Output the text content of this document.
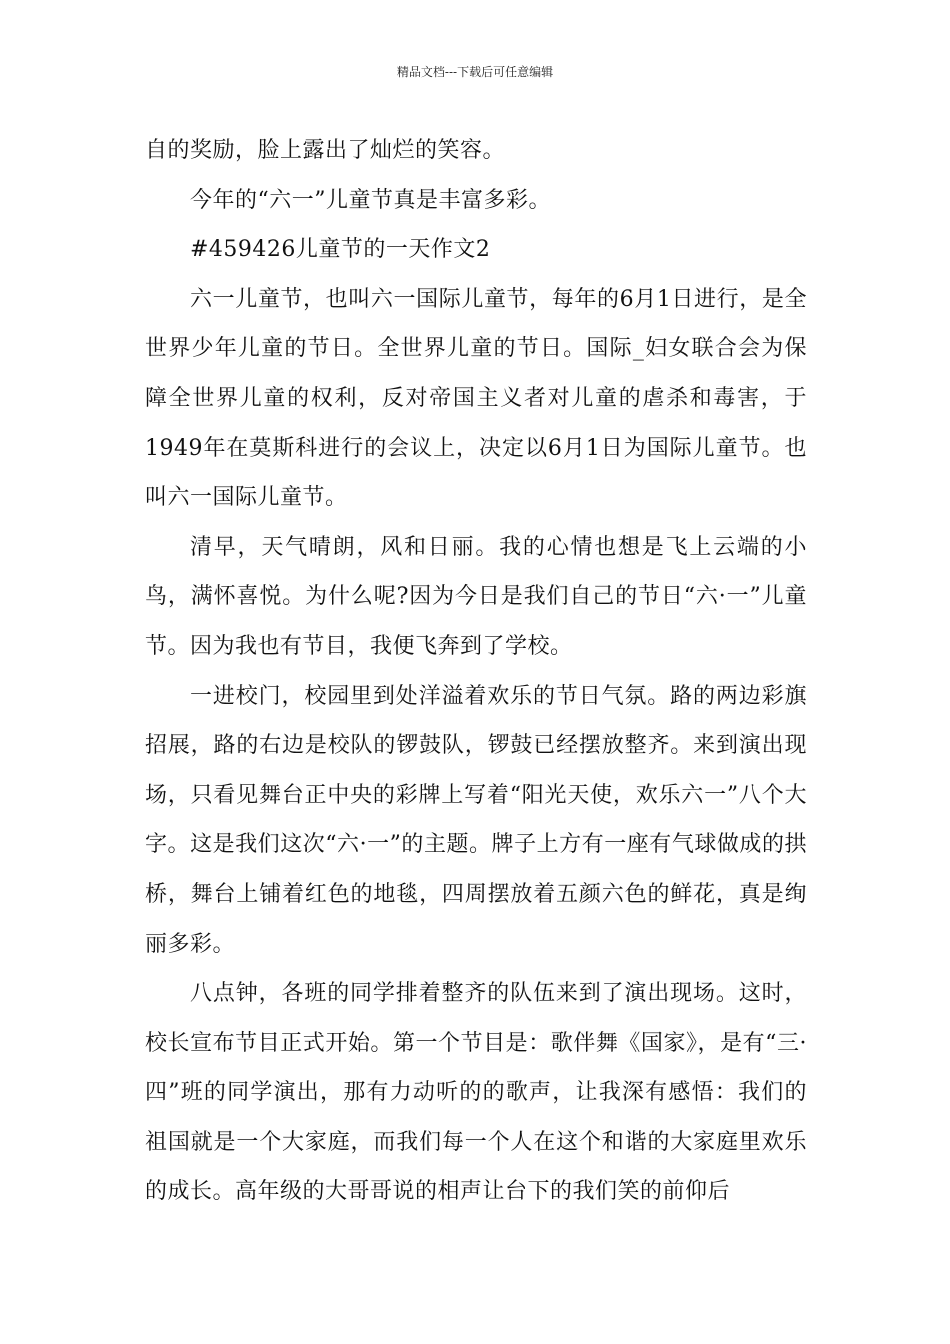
精品文档---下载后可任意编辑

自的奖励，脸上露出了灿烂的笑容。

今年的“六一”儿童节真是丰富多彩。

#459426儿童节的一天作文2

六一儿童节，也叫六一国际儿童节，每年的6月1日进行，是全世界少年儿童的节日。全世界儿童的节日。国际_妇女联合会为保障全世界儿童的权利，反对帝国主义者对儿童的虐杀和毒害，于1949年在莫斯科进行的会议上，决定以6月1日为国际儿童节。也叫六一国际儿童节。

清早，天气晴朗，风和日丽。我的心情也想是飞上云端的小鸟，满怀喜悦。为什么呢?因为今日是我们自己的节日“六·一”儿童节。因为我也有节目，我便飞奔到了学校。

一进校门，校园里到处洋溢着欢乐的节日气氛。路的两边彩旗招展，路的右边是校队的锣鼓队，锣鼓已经摆放整齐。来到演出现场，只看见舞台正中央的彩牌上写着“阳光天使，欢乐六一”八个大字。这是我们这次“六·一”的主题。牌子上方有一座有气球做成的拱桥，舞台上铺着红色的地毯，四周摆放着五颜六色的鲜花，真是绚丽多彩。

八点钟，各班的同学排着整齐的队伍来到了演出现场。这时，校长宣布节目正式开始。第一个节目是：歌伴舞《国家》，是有“三·四”班的同学演出，那有力动听的的歌声，让我深有感悟：我们的祖国就是一个大家庭，而我们每一个人在这个和谐的大家庭里欢乐的成长。高年级的大哥哥说的相声让台下的我们笑的前仰后
